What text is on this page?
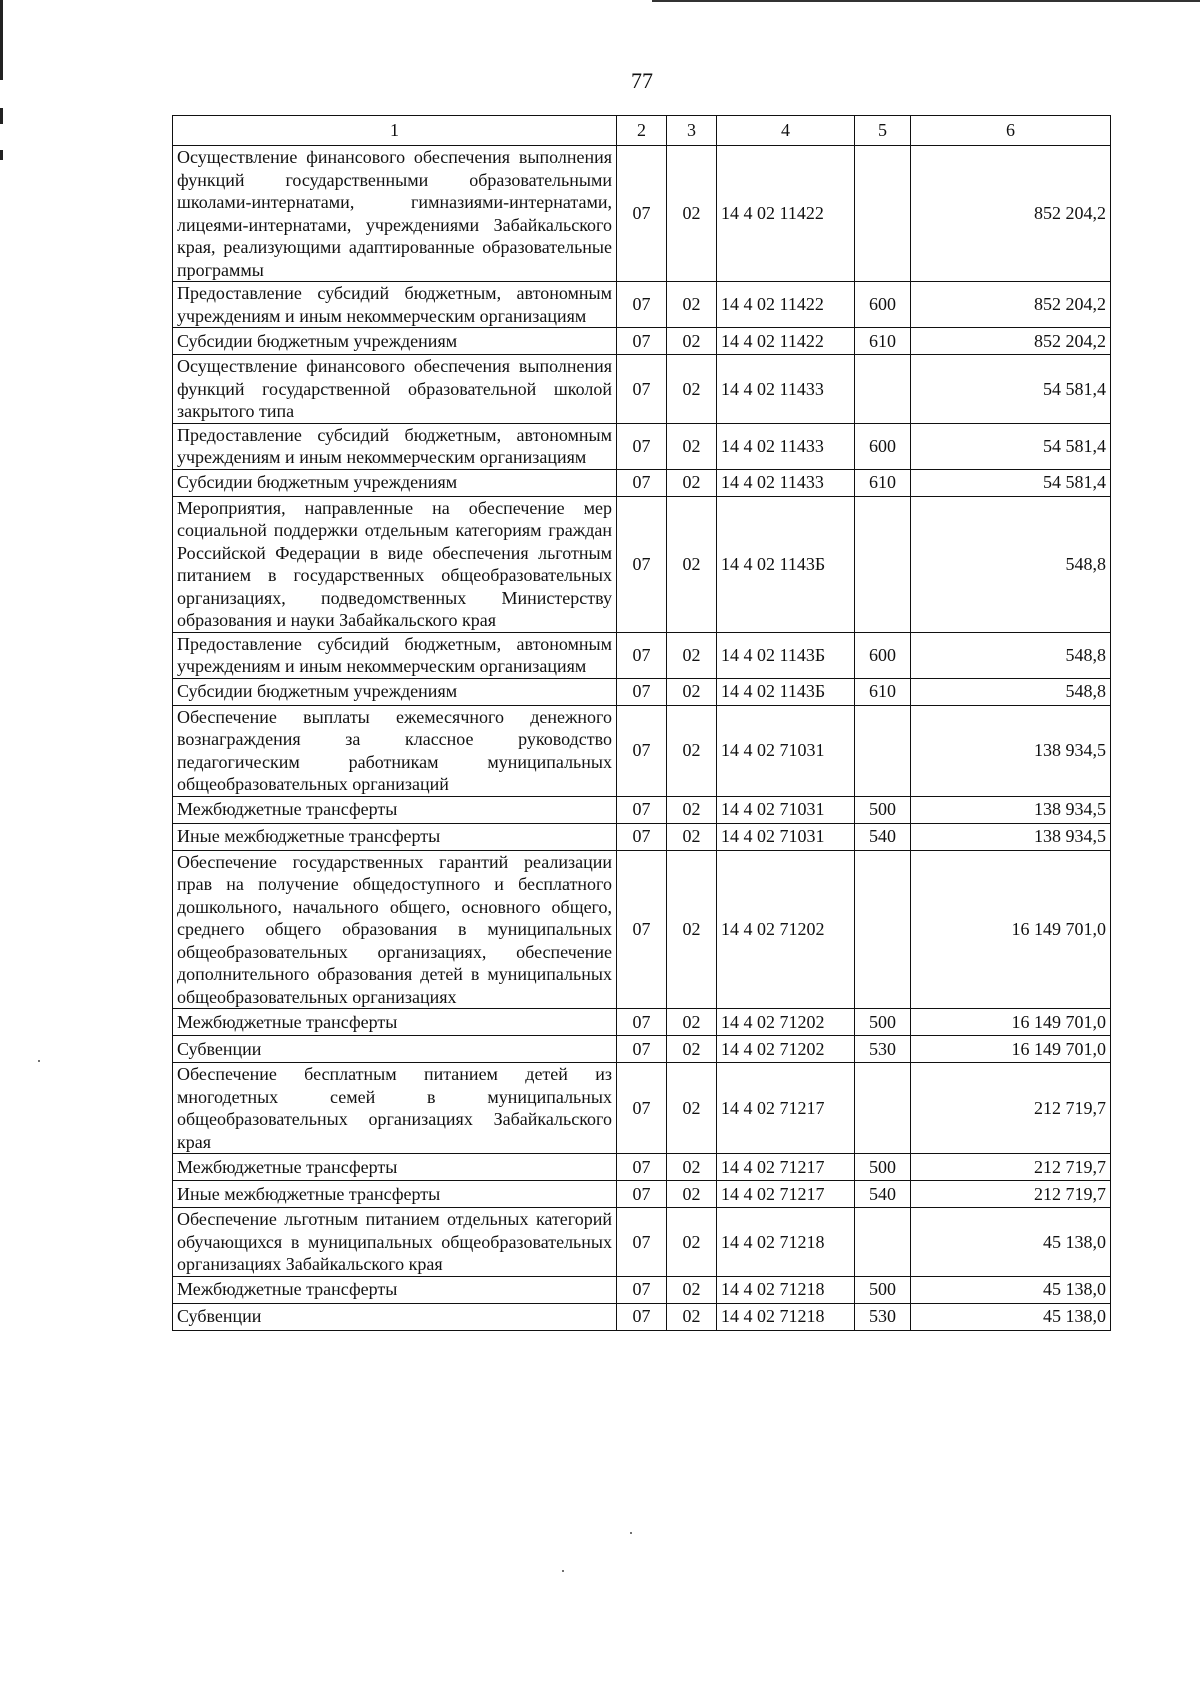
77
1	2	3	4	5	6
Осуществление финансового обеспечения выполнения функций государственными образовательными школами-интернатами, гимназиями-интернатами, лицеями-интернатами, учреждениями Забайкальского края, реализующими адаптированные образовательные программы	07	02	14 4 02 11422		852 204,2
Предоставление субсидий бюджетным, автономным учреждениям и иным некоммерческим организациям	07	02	14 4 02 11422	600	852 204,2
Субсидии бюджетным учреждениям	07	02	14 4 02 11422	610	852 204,2
Осуществление финансового обеспечения выполнения функций государственной образовательной школой закрытого типа	07	02	14 4 02 11433		54 581,4
Предоставление субсидий бюджетным, автономным учреждениям и иным некоммерческим организациям	07	02	14 4 02 11433	600	54 581,4
Субсидии бюджетным учреждениям	07	02	14 4 02 11433	610	54 581,4
Мероприятия, направленные на обеспечение мер социальной поддержки отдельным категориям граждан Российской Федерации в виде обеспечения льготным питанием в государственных общеобразовательных организациях, подведомственных Министерству образования и науки Забайкальского края	07	02	14 4 02 1143Б		548,8
Предоставление субсидий бюджетным, автономным учреждениям и иным некоммерческим организациям	07	02	14 4 02 1143Б	600	548,8
Субсидии бюджетным учреждениям	07	02	14 4 02 1143Б	610	548,8
Обеспечение выплаты ежемесячного денежного вознаграждения за классное руководство педагогическим работникам муниципальных общеобразовательных организаций	07	02	14 4 02 71031		138 934,5
Межбюджетные трансферты	07	02	14 4 02 71031	500	138 934,5
Иные межбюджетные трансферты	07	02	14 4 02 71031	540	138 934,5
Обеспечение государственных гарантий реализации прав на получение общедоступного и бесплатного дошкольного, начального общего, основного общего, среднего общего образования в муниципальных общеобразовательных организациях, обеспечение дополнительного образования детей в муниципальных общеобразовательных организациях	07	02	14 4 02 71202		16 149 701,0
Межбюджетные трансферты	07	02	14 4 02 71202	500	16 149 701,0
Субвенции	07	02	14 4 02 71202	530	16 149 701,0
Обеспечение бесплатным питанием детей из многодетных семей в муниципальных общеобразовательных организациях Забайкальского края	07	02	14 4 02 71217		212 719,7
Межбюджетные трансферты	07	02	14 4 02 71217	500	212 719,7
Иные межбюджетные трансферты	07	02	14 4 02 71217	540	212 719,7
Обеспечение льготным питанием отдельных категорий обучающихся в муниципальных общеобразовательных организациях Забайкальского края	07	02	14 4 02 71218		45 138,0
Межбюджетные трансферты	07	02	14 4 02 71218	500	45 138,0
Субвенции	07	02	14 4 02 71218	530	45 138,0
